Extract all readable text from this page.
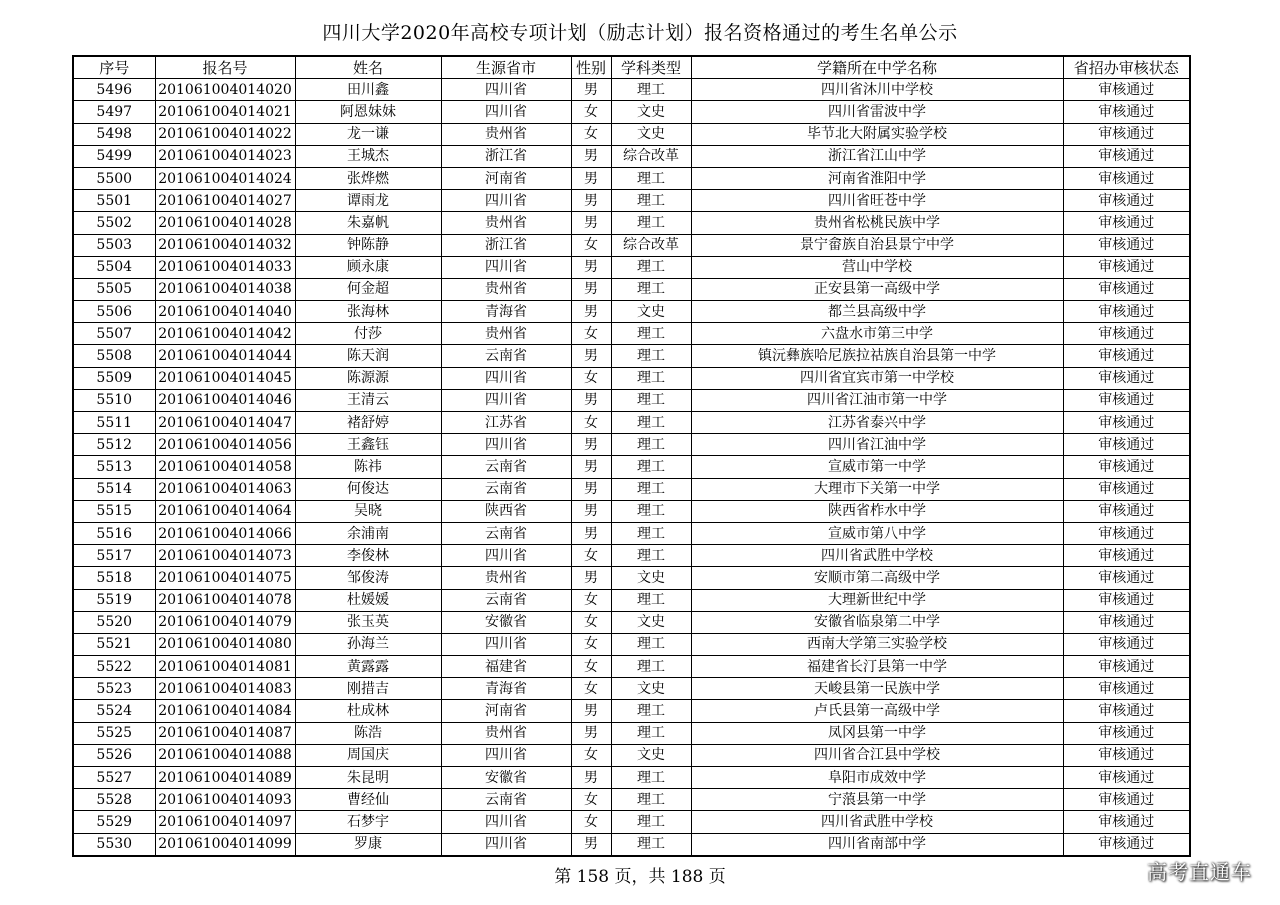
四川大学2020年高校专项计划（励志计划）报名资格通过的考生名单公示
序号	报名号	姓名	生源省市	性别	学科类型	学籍所在中学名称	省招办审核状态
5496	201061004014020	田川鑫	四川省	男	理工	四川省沐川中学校	审核通过
5497	201061004014021	阿恩妹妹	四川省	女	文史	四川省雷波中学	审核通过
5498	201061004014022	龙一谦	贵州省	女	文史	毕节北大附属实验学校	审核通过
5499	201061004014023	王城杰	浙江省	男	综合改革	浙江省江山中学	审核通过
5500	201061004014024	张烨燃	河南省	男	理工	河南省淮阳中学	审核通过
5501	201061004014027	谭雨龙	四川省	男	理工	四川省旺苍中学	审核通过
5502	201061004014028	朱嘉帆	贵州省	男	理工	贵州省松桃民族中学	审核通过
5503	201061004014032	钟陈静	浙江省	女	综合改革	景宁畲族自治县景宁中学	审核通过
5504	201061004014033	顾永康	四川省	男	理工	营山中学校	审核通过
5505	201061004014038	何金超	贵州省	男	理工	正安县第一高级中学	审核通过
5506	201061004014040	张海林	青海省	男	文史	都兰县高级中学	审核通过
5507	201061004014042	付莎	贵州省	女	理工	六盘水市第三中学	审核通过
5508	201061004014044	陈天润	云南省	男	理工	镇沅彝族哈尼族拉祜族自治县第一中学	审核通过
5509	201061004014045	陈源源	四川省	女	理工	四川省宜宾市第一中学校	审核通过
5510	201061004014046	王清云	四川省	男	理工	四川省江油市第一中学	审核通过
5511	201061004014047	褚舒婷	江苏省	女	理工	江苏省泰兴中学	审核通过
5512	201061004014056	王鑫钰	四川省	男	理工	四川省江油中学	审核通过
5513	201061004014058	陈祎	云南省	男	理工	宣威市第一中学	审核通过
5514	201061004014063	何俊达	云南省	男	理工	大理市下关第一中学	审核通过
5515	201061004014064	吴晓	陕西省	男	理工	陕西省柞水中学	审核通过
5516	201061004014066	余浦南	云南省	男	理工	宣威市第八中学	审核通过
5517	201061004014073	李俊林	四川省	女	理工	四川省武胜中学校	审核通过
5518	201061004014075	邹俊涛	贵州省	男	文史	安顺市第二高级中学	审核通过
5519	201061004014078	杜媛媛	云南省	女	理工	大理新世纪中学	审核通过
5520	201061004014079	张玉英	安徽省	女	文史	安徽省临泉第二中学	审核通过
5521	201061004014080	孙海兰	四川省	女	理工	西南大学第三实验学校	审核通过
5522	201061004014081	黄露露	福建省	女	理工	福建省长汀县第一中学	审核通过
5523	201061004014083	刚措吉	青海省	女	文史	天峻县第一民族中学	审核通过
5524	201061004014084	杜成林	河南省	男	理工	卢氏县第一高级中学	审核通过
5525	201061004014087	陈浩	贵州省	男	理工	凤冈县第一中学	审核通过
5526	201061004014088	周国庆	四川省	女	文史	四川省合江县中学校	审核通过
5527	201061004014089	朱昆明	安徽省	男	理工	阜阳市成效中学	审核通过
5528	201061004014093	曹经仙	云南省	女	理工	宁蒗县第一中学	审核通过
5529	201061004014097	石梦宇	四川省	女	理工	四川省武胜中学校	审核通过
5530	201061004014099	罗康	四川省	男	理工	四川省南部中学	审核通过
第 158 页，共 188 页	高考直通车
